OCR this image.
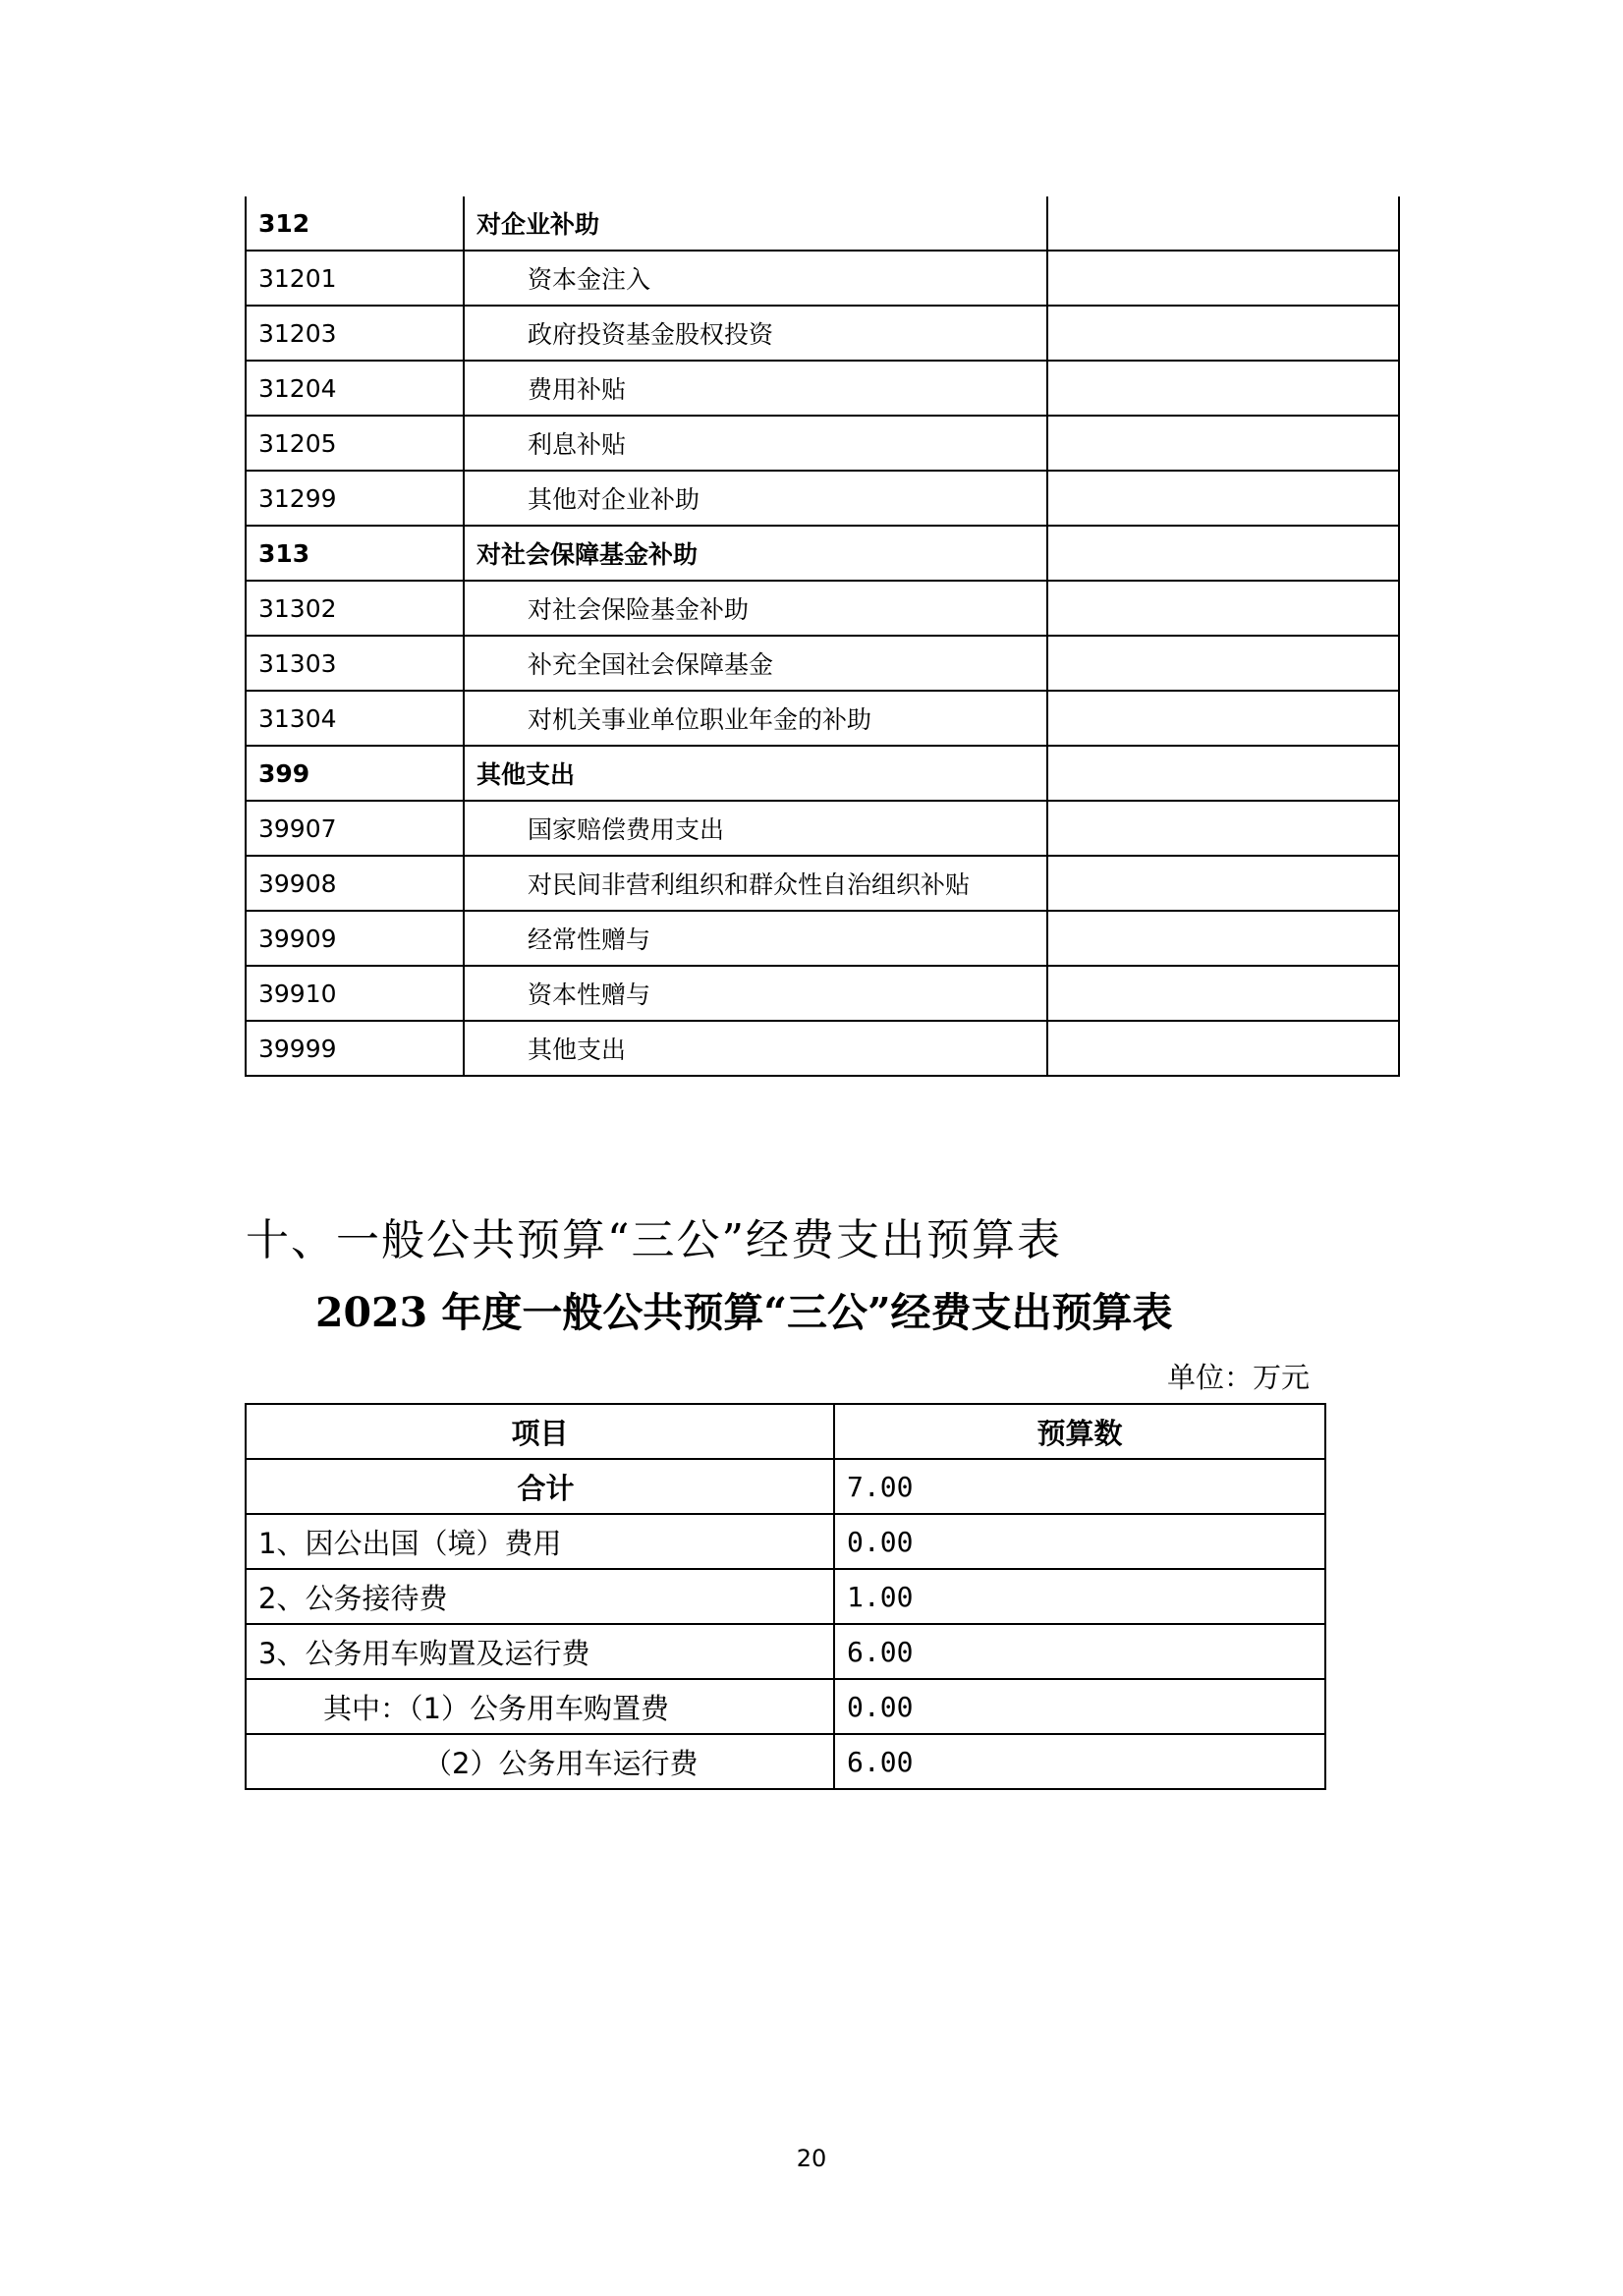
312	对企业补助	
31201	资本金注入	
31203	政府投资基金股权投资	
31204	费用补贴	
31205	利息补贴	
31299	其他对企业补助	
313	对社会保障基金补助	
31302	对社会保险基金补助	
31303	补充全国社会保障基金	
31304	对机关事业单位职业年金的补助	
399	其他支出	
39907	国家赔偿费用支出	
39908	对民间非营利组织和群众性自治组织补贴	
39909	经常性赠与	
39910	资本性赠与	
39999	其他支出	
十、一般公共预算“三公”经费支出预算表
2023 年度一般公共预算“三公”经费支出预算表
单位：万元
项目	预算数
合计	7.00
1、因公出国（境）费用	0.00
2、公务接待费	1.00
3、公务用车购置及运行费	6.00
其中：（1）公务用车购置费	0.00
（2）公务用车运行费	6.00
20
